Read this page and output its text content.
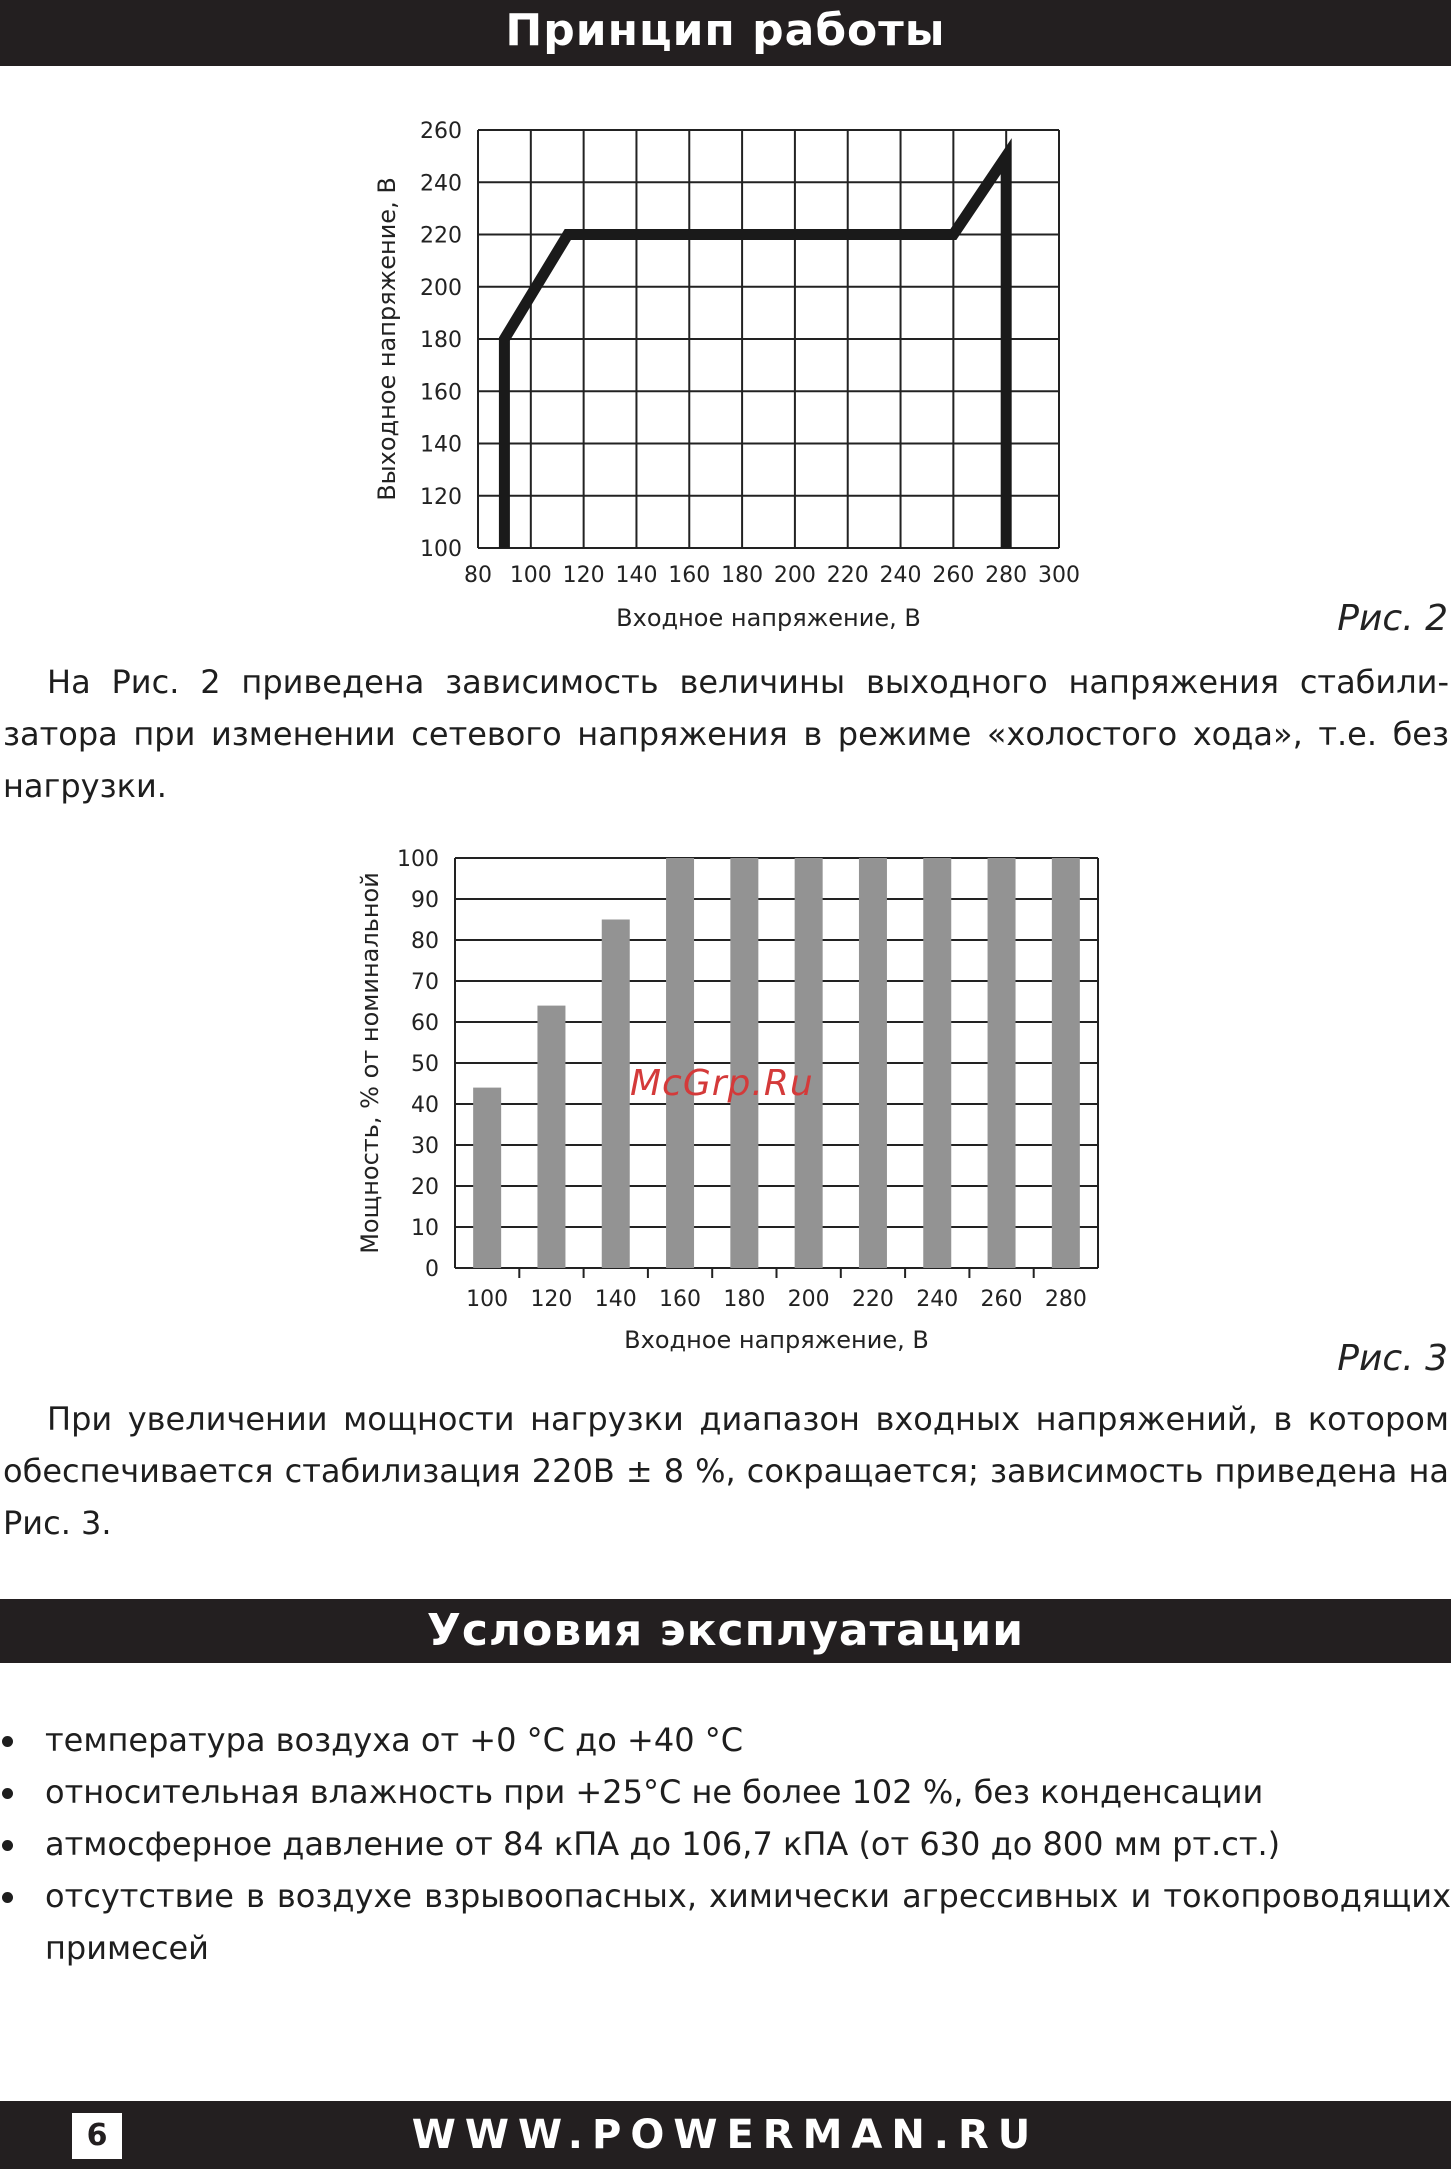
Принцип работы
100
120
140
160
180
200
220
240
260
80 100 120 140 160 180 200 220 240 260 280 300
Входное напряжение, В
Выходное напряжение, В
Рис. 2
На Рис. 2 приведена зависимость величины выходного напряжения стабили-
затора при изменении сетевого напряжения в режиме «холостого хода», т.е. без
нагрузки.
0
10
20
30
40
50
60
70
80
90
100
100 120 140 160 180 200 220 240 260 280
Входное напряжение, В
Мощность, % от номинальной	McGrp.Ru
Рис. 3
При увеличении мощности нагрузки диапазон входных напряжений, в котором
обеспечивается стабилизация 220В ± 8 %, сокращается; зависимость приведена на
Рис. 3.
Условия эксплуатации
температура воздуха от +0 °С до +40 °С
относительная влажность при +25°С не более 102 %, без конденсации
атмосферное давление от 84 кПА до 106,7 кПА (от 630 до 800 мм рт.ст.)
отсутствие в воздухе взрывоопасных, химически агрессивных и токопроводящих примесей
WWW.POWERMAN.RU
6
